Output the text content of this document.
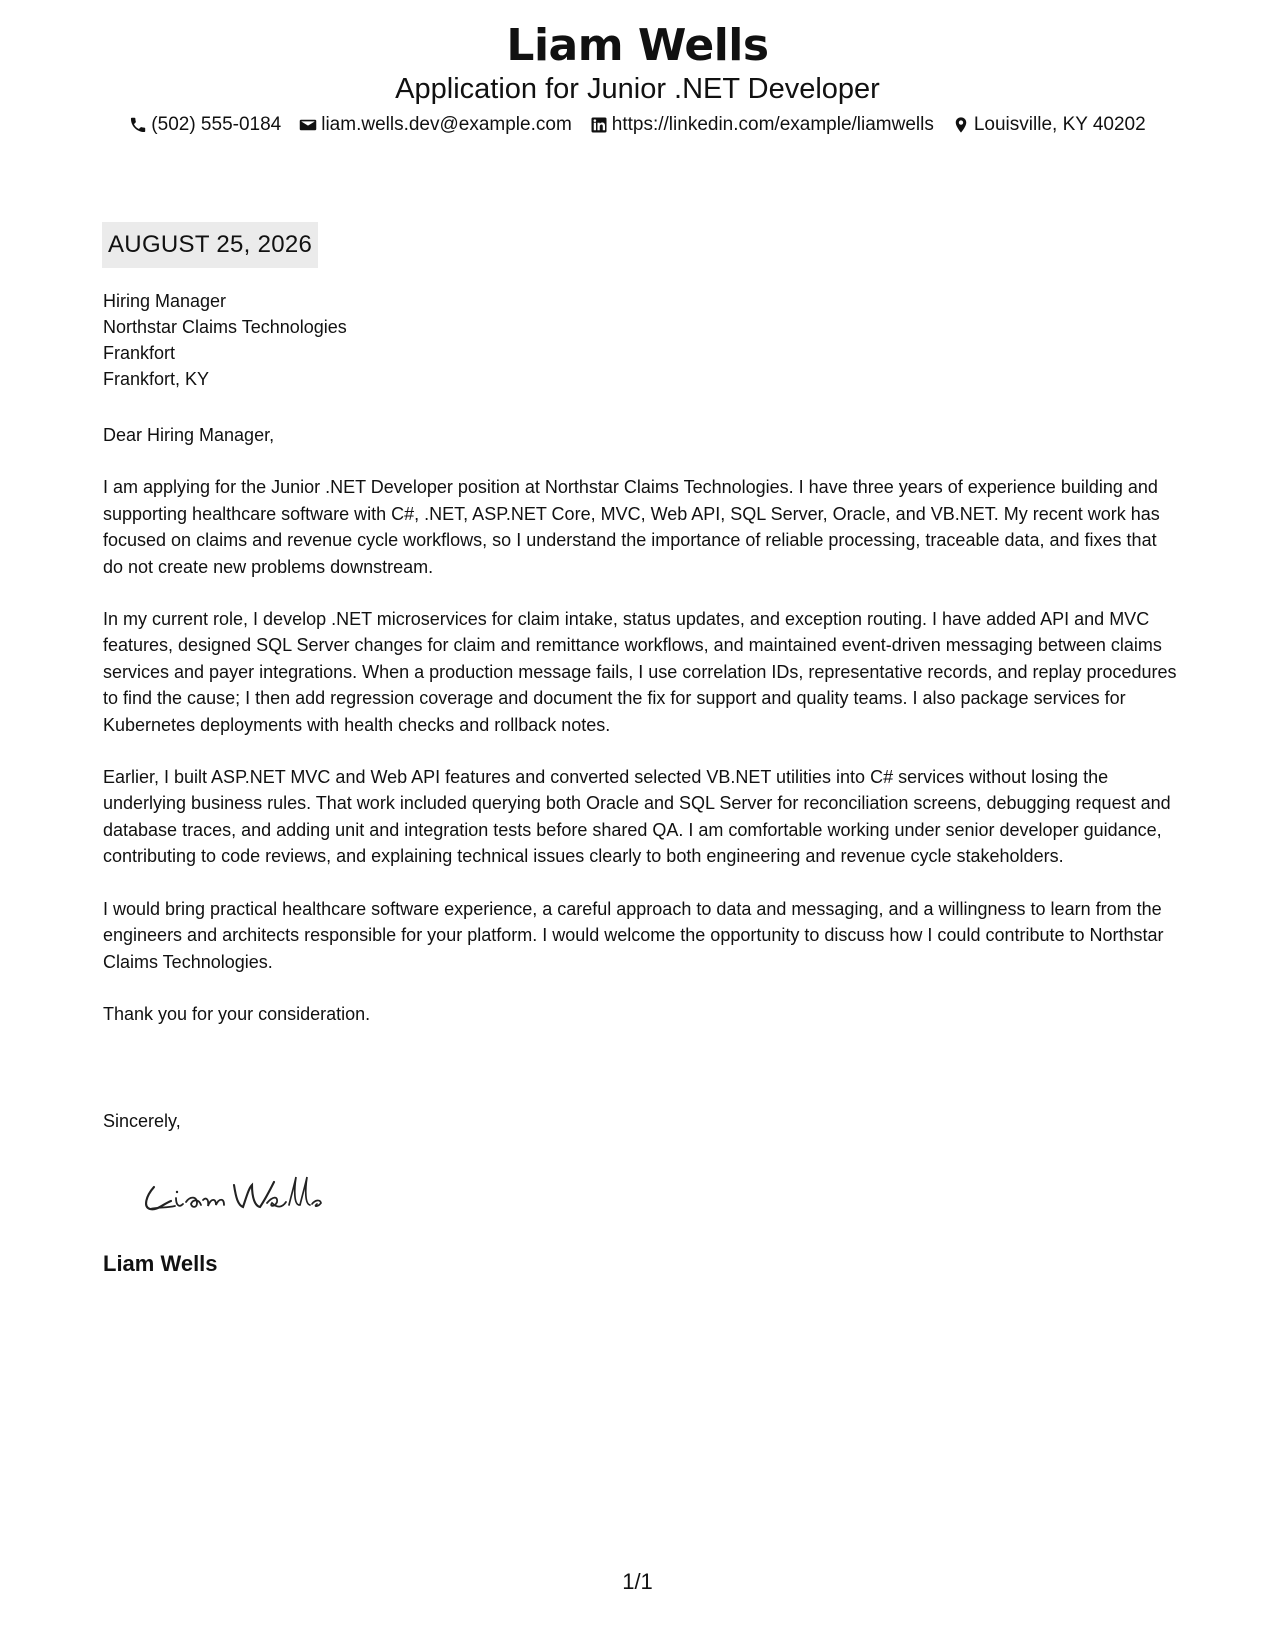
Liam Wells
Application for Junior .NET Developer
(502) 555-0184 liam.wells.dev@example.com https://linkedin.com/example/liamwells Louisville, KY 40202
AUGUST 25, 2026
Hiring Manager
Northstar Claims Technologies
Frankfort
Frankfort, KY

Dear Hiring Manager,

I am applying for the Junior .NET Developer position at Northstar Claims Technologies. I have three years of experience building and supporting healthcare software with C#, .NET, ASP.NET Core, MVC, Web API, SQL Server, Oracle, and VB.NET. My recent work has focused on claims and revenue cycle workflows, so I understand the importance of reliable processing, traceable data, and fixes that do not create new problems downstream.

In my current role, I develop .NET microservices for claim intake, status updates, and exception routing. I have added API and MVC features, designed SQL Server changes for claim and remittance workflows, and maintained event-driven messaging between claims services and payer integrations. When a production message fails, I use correlation IDs, representative records, and replay procedures to find the cause; I then add regression coverage and document the fix for support and quality teams. I also package services for Kubernetes deployments with health checks and rollback notes.

Earlier, I built ASP.NET MVC and Web API features and converted selected VB.NET utilities into C# services without losing the underlying business rules. That work included querying both Oracle and SQL Server for reconciliation screens, debugging request and database traces, and adding unit and integration tests before shared QA. I am comfortable working under senior developer guidance, contributing to code reviews, and explaining technical issues clearly to both engineering and revenue cycle stakeholders.

I would bring practical healthcare software experience, a careful approach to data and messaging, and a willingness to learn from the engineers and architects responsible for your platform. I would welcome the opportunity to discuss how I could contribute to Northstar Claims Technologies.

Thank you for your consideration.

Sincerely,
Liam Wells
1/1
